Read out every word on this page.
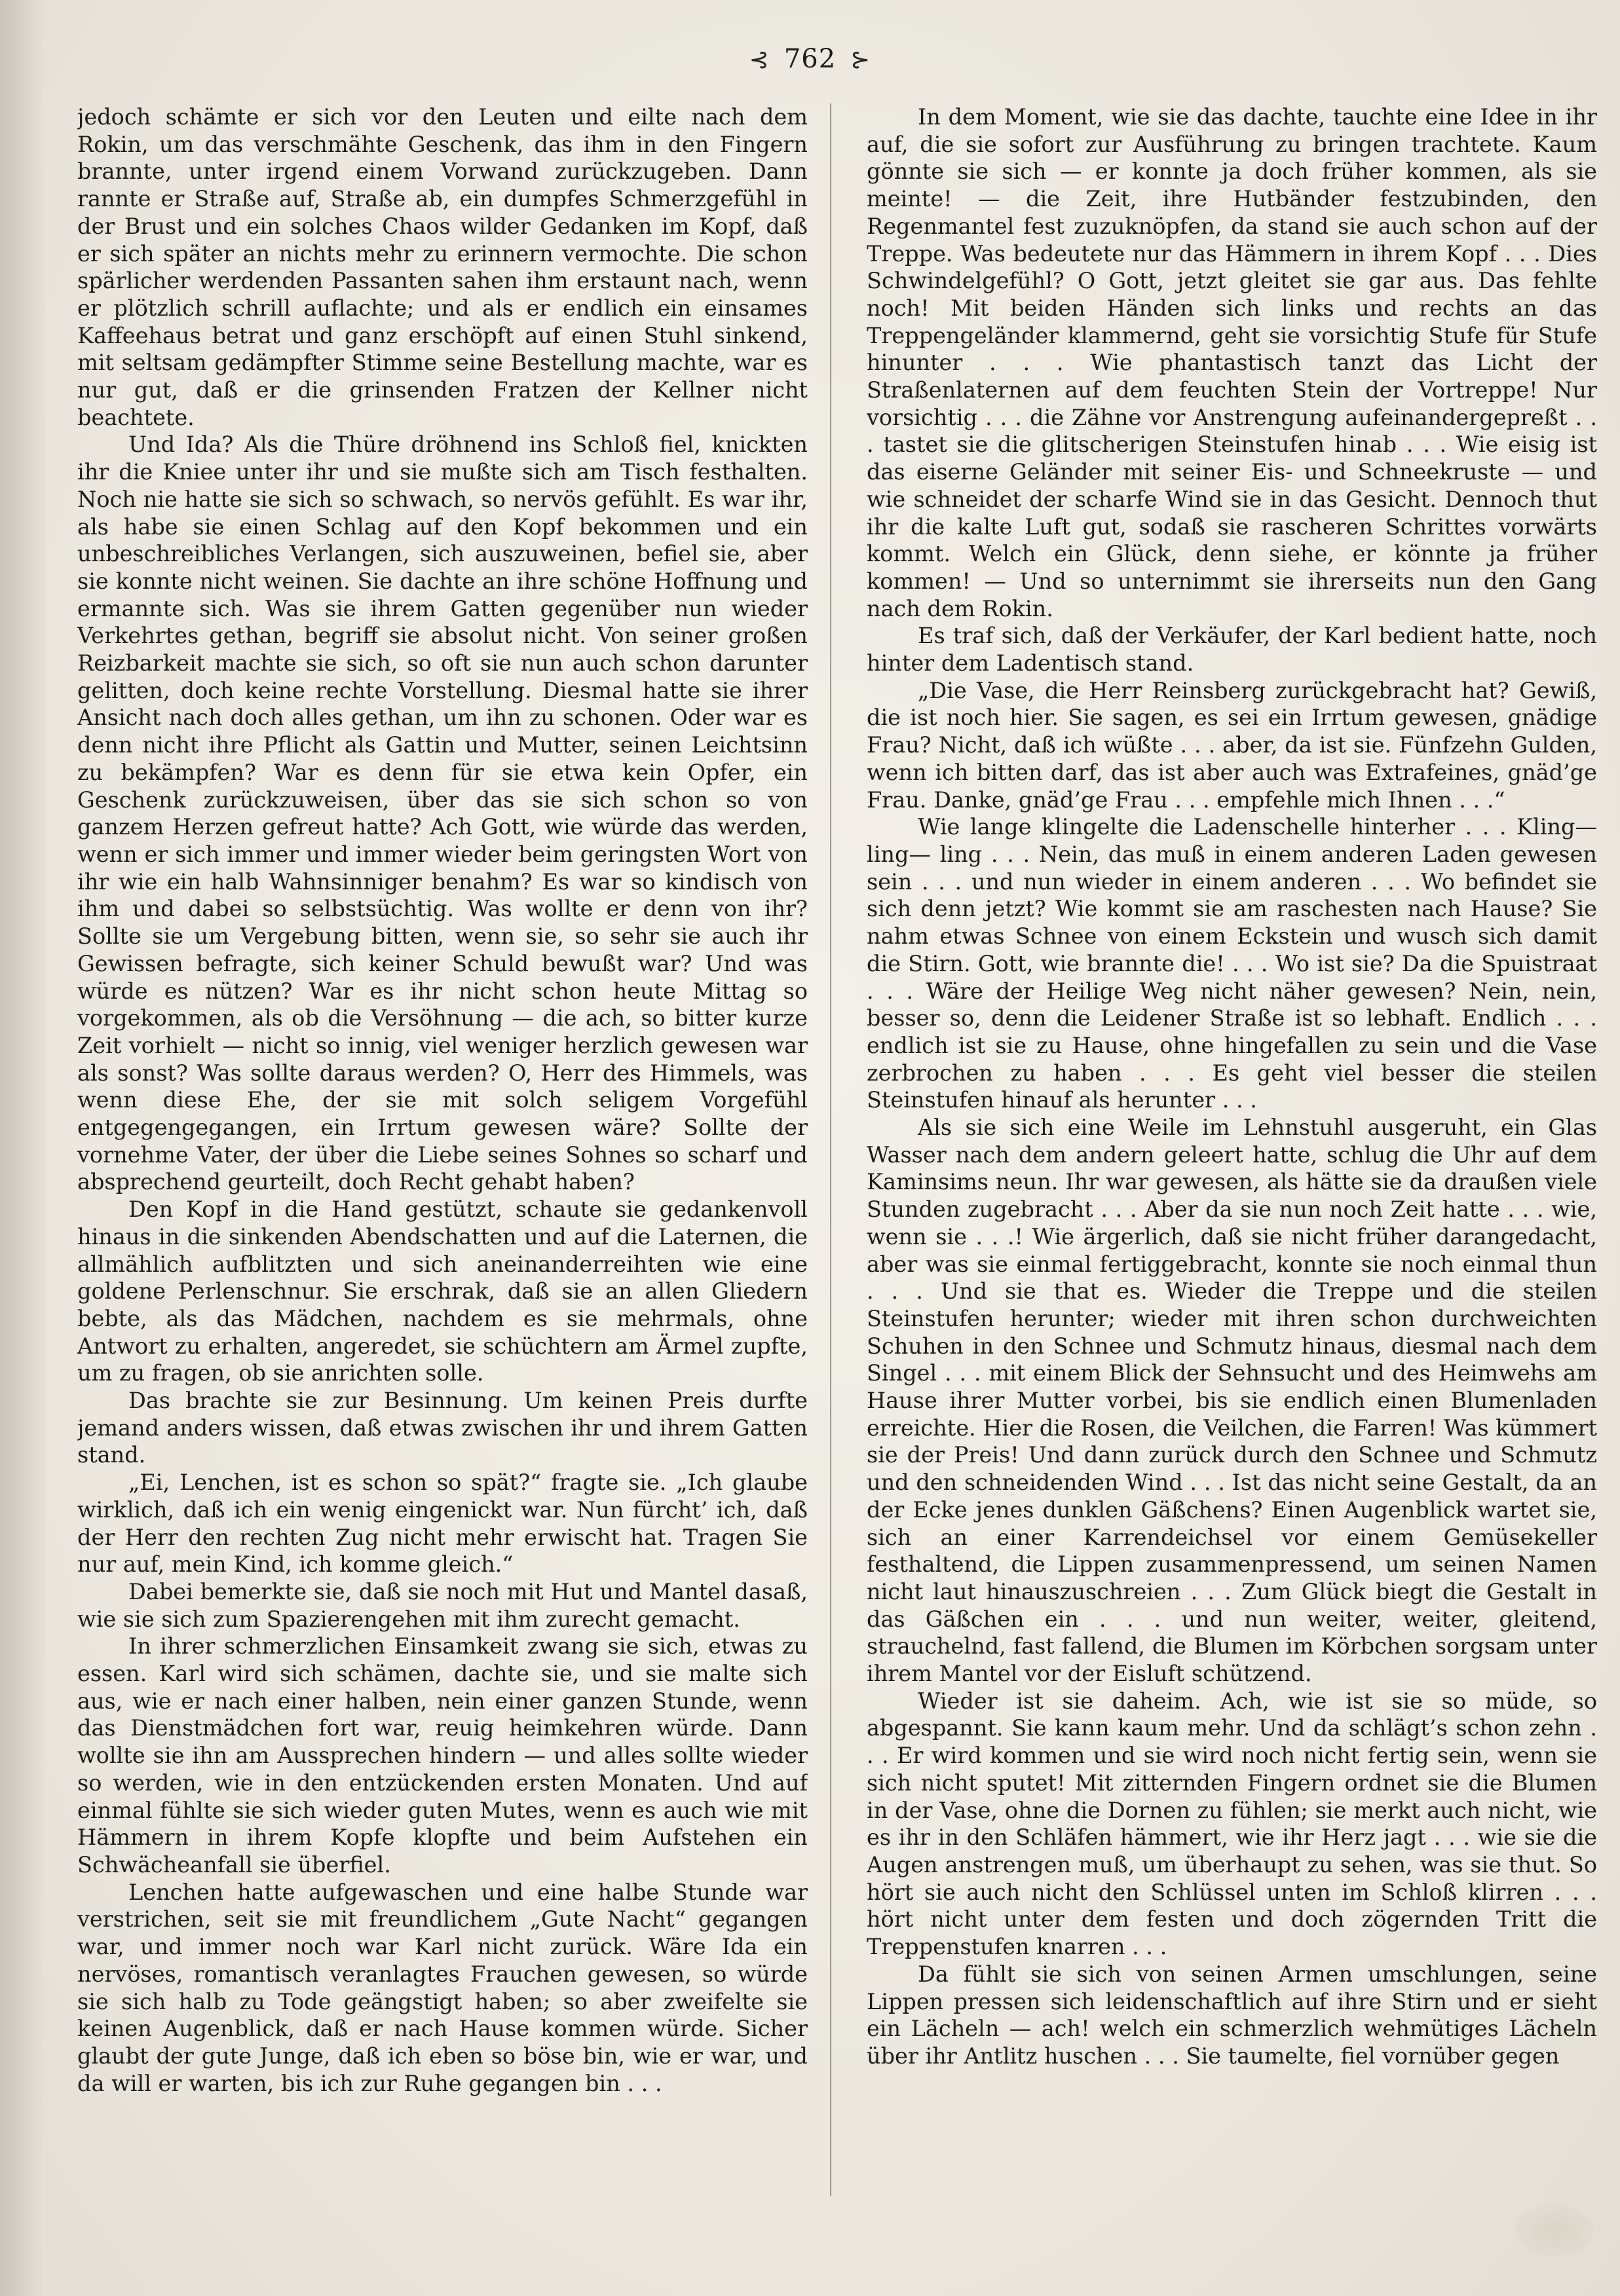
⊰ 762 ⊱

jedoch schämte er sich vor den Leuten und eilte nach dem Rokin, um das verschmähte Geschenk, das ihm in den Fingern brannte, unter irgend einem Vorwand zurückzugeben. Dann rannte er Straße auf, Straße ab, ein dumpfes Schmerzgefühl in der Brust und ein solches Chaos wilder Gedanken im Kopf, daß er sich später an nichts mehr zu erinnern vermochte. Die schon spärlicher werdenden Passanten sahen ihm erstaunt nach, wenn er plötzlich schrill auflachte; und als er endlich ein einsames Kaffeehaus betrat und ganz erschöpft auf einen Stuhl sinkend, mit seltsam gedämpfter Stimme seine Bestellung machte, war es nur gut, daß er die grinsenden Fratzen der Kellner nicht beachtete.

Und Ida? Als die Thüre dröhnend ins Schloß fiel, knickten ihr die Kniee unter ihr und sie mußte sich am Tisch festhalten. Noch nie hatte sie sich so schwach, so nervös gefühlt. Es war ihr, als habe sie einen Schlag auf den Kopf bekommen und ein unbeschreibliches Verlangen, sich auszuweinen, befiel sie, aber sie konnte nicht weinen. Sie dachte an ihre schöne Hoffnung und ermannte sich. Was sie ihrem Gatten gegenüber nun wieder Verkehrtes gethan, begriff sie absolut nicht. Von seiner großen Reizbarkeit machte sie sich, so oft sie nun auch schon darunter gelitten, doch keine rechte Vorstellung. Diesmal hatte sie ihrer Ansicht nach doch alles gethan, um ihn zu schonen. Oder war es denn nicht ihre Pflicht als Gattin und Mutter, seinen Leichtsinn zu bekämpfen? War es denn für sie etwa kein Opfer, ein Geschenk zurückzuweisen, über das sie sich schon so von ganzem Herzen gefreut hatte? Ach Gott, wie würde das werden, wenn er sich immer und immer wieder beim geringsten Wort von ihr wie ein halb Wahnsinniger benahm? Es war so kindisch von ihm und dabei so selbstsüchtig. Was wollte er denn von ihr? Sollte sie um Vergebung bitten, wenn sie, so sehr sie auch ihr Gewissen befragte, sich keiner Schuld bewußt war? Und was würde es nützen? War es ihr nicht schon heute Mittag so vorgekommen, als ob die Versöhnung — die ach, so bitter kurze Zeit vorhielt — nicht so innig, viel weniger herzlich gewesen war als sonst? Was sollte daraus werden? O, Herr des Himmels, was wenn diese Ehe, der sie mit solch seligem Vorgefühl entgegengegangen, ein Irrtum gewesen wäre? Sollte der vornehme Vater, der über die Liebe seines Sohnes so scharf und absprechend geurteilt, doch Recht gehabt haben?

Den Kopf in die Hand gestützt, schaute sie gedankenvoll hinaus in die sinkenden Abendschatten und auf die Laternen, die allmählich aufblitzten und sich aneinanderreihten wie eine goldene Perlenschnur. Sie erschrak, daß sie an allen Gliedern bebte, als das Mädchen, nachdem es sie mehrmals, ohne Antwort zu erhalten, angeredet, sie schüchtern am Ärmel zupfte, um zu fragen, ob sie anrichten solle.

Das brachte sie zur Besinnung. Um keinen Preis durfte jemand anders wissen, daß etwas zwischen ihr und ihrem Gatten stand.

„Ei, Lenchen, ist es schon so spät?“ fragte sie. „Ich glaube wirklich, daß ich ein wenig eingenickt war. Nun fürcht’ ich, daß der Herr den rechten Zug nicht mehr erwischt hat. Tragen Sie nur auf, mein Kind, ich komme gleich.“

Dabei bemerkte sie, daß sie noch mit Hut und Mantel dasaß, wie sie sich zum Spazierengehen mit ihm zurecht gemacht.

In ihrer schmerzlichen Einsamkeit zwang sie sich, etwas zu essen. Karl wird sich schämen, dachte sie, und sie malte sich aus, wie er nach einer halben, nein einer ganzen Stunde, wenn das Dienstmädchen fort war, reuig heimkehren würde. Dann wollte sie ihn am Aussprechen hindern — und alles sollte wieder so werden, wie in den entzückenden ersten Monaten. Und auf einmal fühlte sie sich wieder guten Mutes, wenn es auch wie mit Hämmern in ihrem Kopfe klopfte und beim Aufstehen ein Schwächeanfall sie überfiel.

Lenchen hatte aufgewaschen und eine halbe Stunde war verstrichen, seit sie mit freundlichem „Gute Nacht“ gegangen war, und immer noch war Karl nicht zurück. Wäre Ida ein nervöses, romantisch veranlagtes Frauchen gewesen, so würde sie sich halb zu Tode geängstigt haben; so aber zweifelte sie keinen Augenblick, daß er nach Hause kommen würde. Sicher glaubt der gute Junge, daß ich eben so böse bin, wie er war, und da will er warten, bis ich zur Ruhe gegangen bin . . .

In dem Moment, wie sie das dachte, tauchte eine Idee in ihr auf, die sie sofort zur Ausführung zu bringen trachtete. Kaum gönnte sie sich — er konnte ja doch früher kommen, als sie meinte! — die Zeit, ihre Hutbänder festzubinden, den Regenmantel fest zuzuknöpfen, da stand sie auch schon auf der Treppe. Was bedeutete nur das Hämmern in ihrem Kopf . . . Dies Schwindelgefühl? O Gott, jetzt gleitet sie gar aus. Das fehlte noch! Mit beiden Händen sich links und rechts an das Treppengeländer klammernd, geht sie vorsichtig Stufe für Stufe hinunter . . . Wie phantastisch tanzt das Licht der Straßenlaternen auf dem feuchten Stein der Vortreppe! Nur vorsichtig . . . die Zähne vor Anstrengung aufeinandergepreßt . . . tastet sie die glitscherigen Steinstufen hinab . . . Wie eisig ist das eiserne Geländer mit seiner Eis- und Schneekruste — und wie schneidet der scharfe Wind sie in das Gesicht. Dennoch thut ihr die kalte Luft gut, sodaß sie rascheren Schrittes vorwärts kommt. Welch ein Glück, denn siehe, er könnte ja früher kommen! — Und so unternimmt sie ihrerseits nun den Gang nach dem Rokin.

Es traf sich, daß der Verkäufer, der Karl bedient hatte, noch hinter dem Ladentisch stand.

„Die Vase, die Herr Reinsberg zurückgebracht hat? Gewiß, die ist noch hier. Sie sagen, es sei ein Irrtum gewesen, gnädige Frau? Nicht, daß ich wüßte . . . aber, da ist sie. Fünfzehn Gulden, wenn ich bitten darf, das ist aber auch was Extrafeines, gnäd’ge Frau. Danke, gnäd’ge Frau . . . empfehle mich Ihnen . . .“

Wie lange klingelte die Ladenschelle hinterher . . . Kling— ling— ling . . . Nein, das muß in einem anderen Laden gewesen sein . . . und nun wieder in einem anderen . . . Wo befindet sie sich denn jetzt? Wie kommt sie am raschesten nach Hause? Sie nahm etwas Schnee von einem Eckstein und wusch sich damit die Stirn. Gott, wie brannte die! . . . Wo ist sie? Da die Spuistraat . . . Wäre der Heilige Weg nicht näher gewesen? Nein, nein, besser so, denn die Leidener Straße ist so lebhaft. Endlich . . . endlich ist sie zu Hause, ohne hingefallen zu sein und die Vase zerbrochen zu haben . . . Es geht viel besser die steilen Steinstufen hinauf als herunter . . .

Als sie sich eine Weile im Lehnstuhl ausgeruht, ein Glas Wasser nach dem andern geleert hatte, schlug die Uhr auf dem Kaminsims neun. Ihr war gewesen, als hätte sie da draußen viele Stunden zugebracht . . . Aber da sie nun noch Zeit hatte . . . wie, wenn sie . . .! Wie ärgerlich, daß sie nicht früher darangedacht, aber was sie einmal fertiggebracht, konnte sie noch einmal thun . . . Und sie that es. Wieder die Treppe und die steilen Steinstufen herunter; wieder mit ihren schon durchweichten Schuhen in den Schnee und Schmutz hinaus, diesmal nach dem Singel . . . mit einem Blick der Sehnsucht und des Heimwehs am Hause ihrer Mutter vorbei, bis sie endlich einen Blumenladen erreichte. Hier die Rosen, die Veilchen, die Farren! Was kümmert sie der Preis! Und dann zurück durch den Schnee und Schmutz und den schneidenden Wind . . . Ist das nicht seine Gestalt, da an der Ecke jenes dunklen Gäßchens? Einen Augenblick wartet sie, sich an einer Karrendeichsel vor einem Gemüsekeller festhaltend, die Lippen zusammenpressend, um seinen Namen nicht laut hinauszuschreien . . . Zum Glück biegt die Gestalt in das Gäßchen ein . . . und nun weiter, weiter, gleitend, strauchelnd, fast fallend, die Blumen im Körbchen sorgsam unter ihrem Mantel vor der Eisluft schützend.

Wieder ist sie daheim. Ach, wie ist sie so müde, so abgespannt. Sie kann kaum mehr. Und da schlägt’s schon zehn . . . Er wird kommen und sie wird noch nicht fertig sein, wenn sie sich nicht sputet! Mit zitternden Fingern ordnet sie die Blumen in der Vase, ohne die Dornen zu fühlen; sie merkt auch nicht, wie es ihr in den Schläfen hämmert, wie ihr Herz jagt . . . wie sie die Augen anstrengen muß, um überhaupt zu sehen, was sie thut. So hört sie auch nicht den Schlüssel unten im Schloß klirren . . . hört nicht unter dem festen und doch zögernden Tritt die Treppenstufen knarren . . .

Da fühlt sie sich von seinen Armen umschlungen, seine Lippen pressen sich leidenschaftlich auf ihre Stirn und er sieht ein Lächeln — ach! welch ein schmerzlich wehmütiges Lächeln über ihr Antlitz huschen . . . Sie taumelte, fiel vornüber gegen
